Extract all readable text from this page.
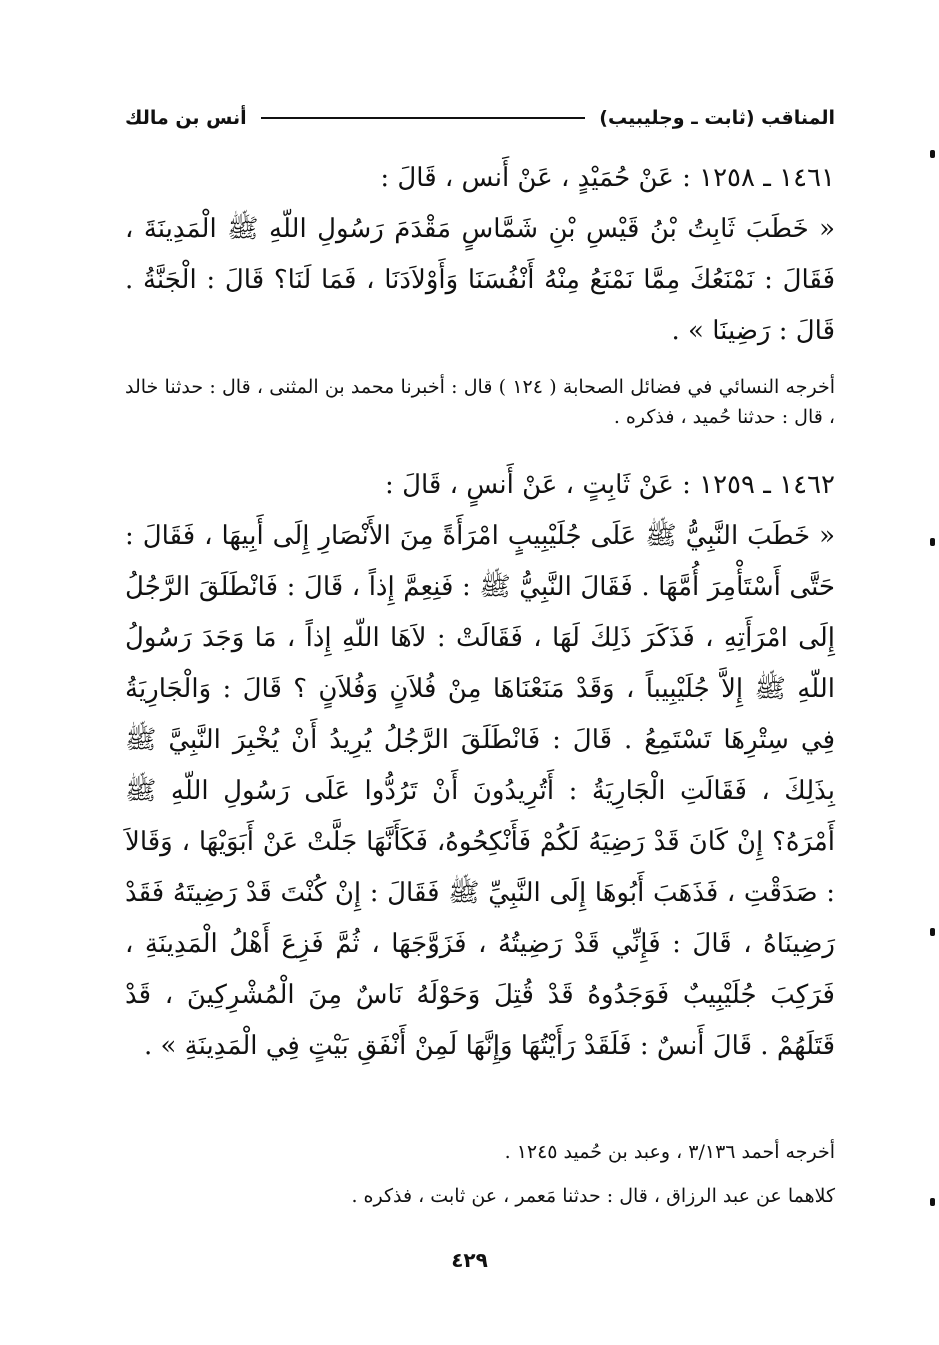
المناقب (ثابت ـ وجليبيب)
أنس بن مالك
١٤٦١ ـ ١٢٥٨ : عَنْ حُمَيْدٍ ، عَنْ أَنس ، قَالَ :
« خَطَبَ ثَابِتُ بْنُ قَيْسِ بْنِ شَمَّاسٍ مَقْدَمَ رَسُولِ اللّهِ ﷺ الْمَدِينَةَ ، فَقَالَ : نَمْنَعُكَ مِمَّا نَمْنَعُ مِنْهُ أَنْفُسَنَا وَأَوْلاَدَنَا ، فَمَا لَنَا؟ قَالَ : الْجَنَّةُ . قَالَ : رَضِينَا » .
أخرجه النسائي في فضائل الصحابة ( ١٢٤ ) قال : أخبرنا محمد بن المثنى ، قال : حدثنا خالد ، قال : حدثنا حُميد ، فذكره .
١٤٦٢ ـ ١٢٥٩ : عَنْ ثَابِتٍ ، عَنْ أَنسٍ ، قَالَ :
« خَطَبَ النَّبِيُّ ﷺ عَلَى جُلَيْبِيبٍ امْرَأَةً مِنَ الأَنْصَارِ إِلَى أَبِيهَا ، فَقَالَ : حَتَّى أَسْتَأْمِرَ أُمَّهَا . فَقَالَ النَّبِيُّ ﷺ : فَنِعِمَّ إِذاً ، قَالَ : فَانْطَلَقَ الرَّجُلُ إِلَى امْرَأَتِهِ ، فَذَكَرَ ذَلِكَ لَهَا ، فَقَالَتْ : لاَهَا اللّهِ إِذاً ، مَا وَجَدَ رَسُولُ اللّهِ ﷺ إِلاَّ جُلَيْبِيباً ، وَقَدْ مَنَعْنَاهَا مِنْ فُلاَنٍ وَفُلاَنٍ ؟ قَالَ : وَالْجَارِيَةُ فِي سِتْرِهَا تَسْتَمِعُ . قَالَ : فَانْطَلَقَ الرَّجُلُ يُرِيدُ أَنْ يُخْبِرَ النَّبِيَّ ﷺ بِذَلِكَ ، فَقَالَتِ الْجَارِيَةُ : أَتُرِيدُونَ أَنْ تَرُدُّوا عَلَى رَسُولِ اللّهِ ﷺ أَمْرَهُ؟ إِنْ كَانَ قَدْ رَضِيَهُ لَكُمْ فَأَنْكِحُوهُ، فَكَأَنَّهَا جَلَّتْ عَنْ أَبَوَيْهَا ، وَقَالاَ : صَدَقْتِ ، فَذَهَبَ أَبُوهَا إِلَى النَّبِيِّ ﷺ فَقَالَ : إِنْ كُنْتَ قَدْ رَضِيتَهُ فَقَدْ رَضِينَاهُ ، قَالَ : فَإِنِّي قَدْ رَضِيتُهُ ، فَزَوَّجَهَا ، ثُمَّ فَزِعَ أَهْلُ الْمَدِينَةِ ، فَرَكِبَ جُلَيْبِيبٌ فَوَجَدُوهُ قَدْ قُتِلَ وَحَوْلَهُ نَاسٌ مِنَ الْمُشْرِكِينَ ، قَدْ قَتَلَهُمْ . قَالَ أَنسٌ : فَلَقَدْ رَأَيْتُهَا وَإِنَّهَا لَمِنْ أَنْفَقِ بَيْتٍ فِي الْمَدِينَةِ » .
أخرجه أحمد ٣/١٣٦ ، وعبد بن حُميد ١٢٤٥ .
كلاهما عن عبد الرزاق ، قال : حدثنا مَعمر ، عن ثابت ، فذكره .
٤٢٩
